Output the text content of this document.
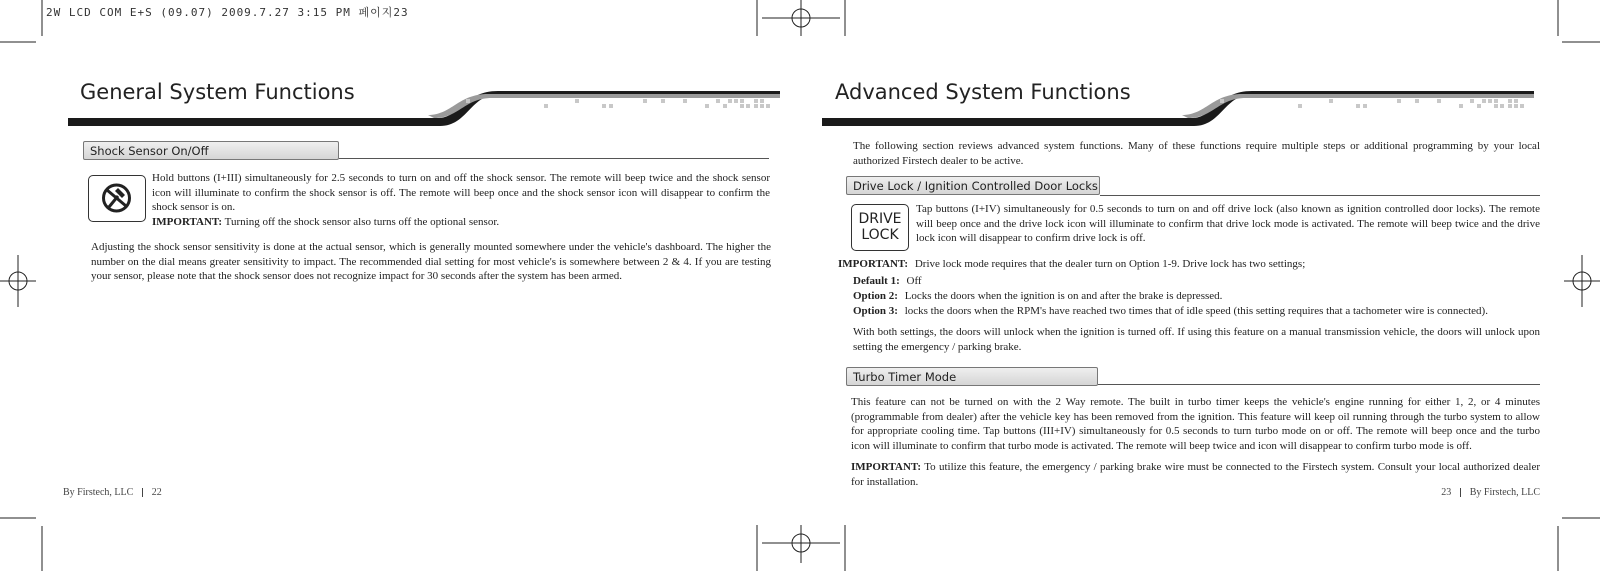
2W LCD COM E+S (09.07) 2009.7.27 3:15 PM 페이지23
General System Functions
Shock Sensor On/Off
Hold buttons (I+III) simultaneously for 2.5 seconds to turn on and off the shock sensor. The remote will beep twice and the shock sensor icon will illuminate to confirm the shock sensor is off. The remote will beep once and the shock sensor icon will disappear to confirm the shock sensor is on.
IMPORTANT: Turning off the shock sensor also turns off the optional sensor.
Adjusting the shock sensor sensitivity is done at the actual sensor, which is generally mounted somewhere under the vehicle's dashboard. The higher the number on the dial means greater sensitivity to impact. The recommended dial setting for most vehicle's is somewhere between 2 & 4. If you are testing your sensor, please note that the shock sensor does not recognize impact for 30 seconds after the system has been armed.
By Firstech, LLC 22
Advanced System Functions
The following section reviews advanced system functions. Many of these functions require multiple steps or additional programming by your local authorized Firstech dealer to be active.
Drive Lock / Ignition Controlled Door Locks
DRIVE
LOCK
Tap buttons (I+IV) simultaneously for 0.5 seconds to turn on and off drive lock (also known as ignition controlled door locks). The remote will beep once and the drive lock icon will illuminate to confirm that drive lock mode is activated. The remote will beep twice and the drive lock icon will disappear to confirm drive lock is off.
IMPORTANT: Drive lock mode requires that the dealer turn on Option 1-9. Drive lock has two settings;
Default 1: Off
Option 2: Locks the doors when the ignition is on and after the brake is depressed.
Option 3: locks the doors when the RPM's have reached two times that of idle speed (this setting requires that a tachometer wire is connected).
With both settings, the doors will unlock when the ignition is turned off. If using this feature on a manual transmission vehicle, the doors will unlock upon setting the emergency / parking brake.
Turbo Timer Mode
This feature can not be turned on with the 2 Way remote. The built in turbo timer keeps the vehicle's engine running for either 1, 2, or 4 minutes (programmable from dealer) after the vehicle key has been removed from the ignition. This feature will keep oil running through the turbo system to allow for appropriate cooling time. Tap buttons (III+IV) simultaneously for 0.5 seconds to turn turbo mode on or off. The remote will beep once and the turbo icon will illuminate to confirm that turbo mode is activated. The remote will beep twice and icon will disappear to confirm turbo mode is off.
IMPORTANT: To utilize this feature, the emergency / parking brake wire must be connected to the Firstech system. Consult your local authorized dealer for installation.
23 By Firstech, LLC
